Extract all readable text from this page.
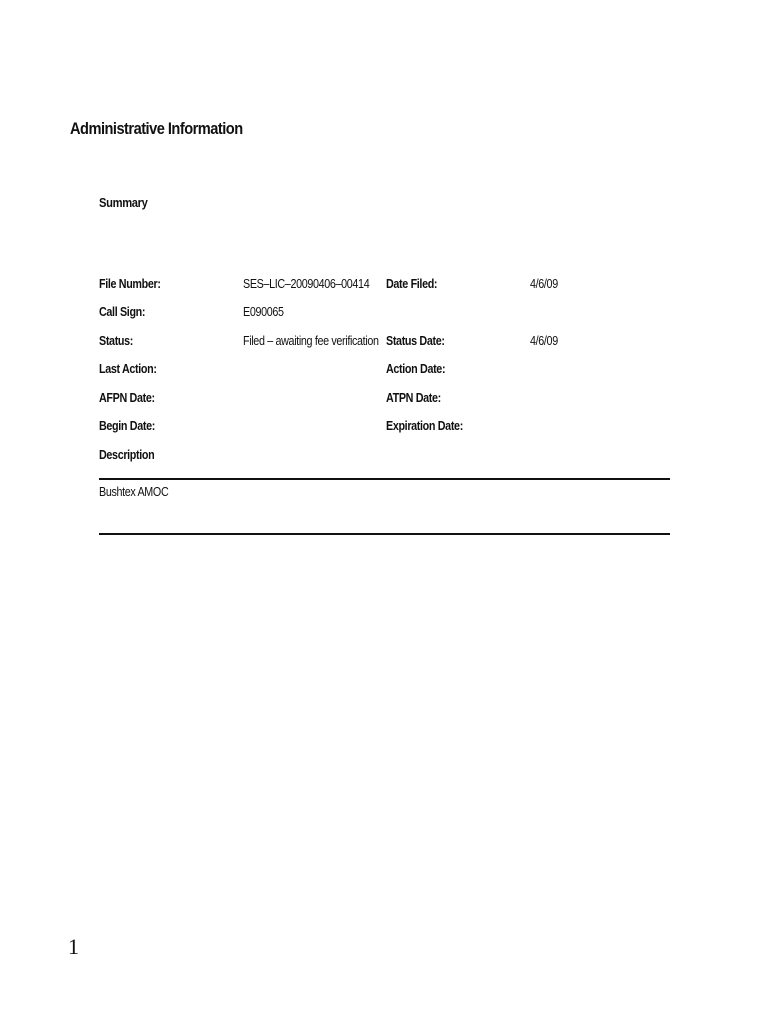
Administrative Information
Summary
File Number:	SES–LIC–20090406–00414 Date Filed:	4/6/09
Call Sign:	E090065
Status:	Filed – awaiting fee verification Status Date:	4/6/09
Last Action:	Action Date:
AFPN Date:	ATPN Date:
Begin Date:	Expiration Date:
Description
Bushtex AMOC
1
